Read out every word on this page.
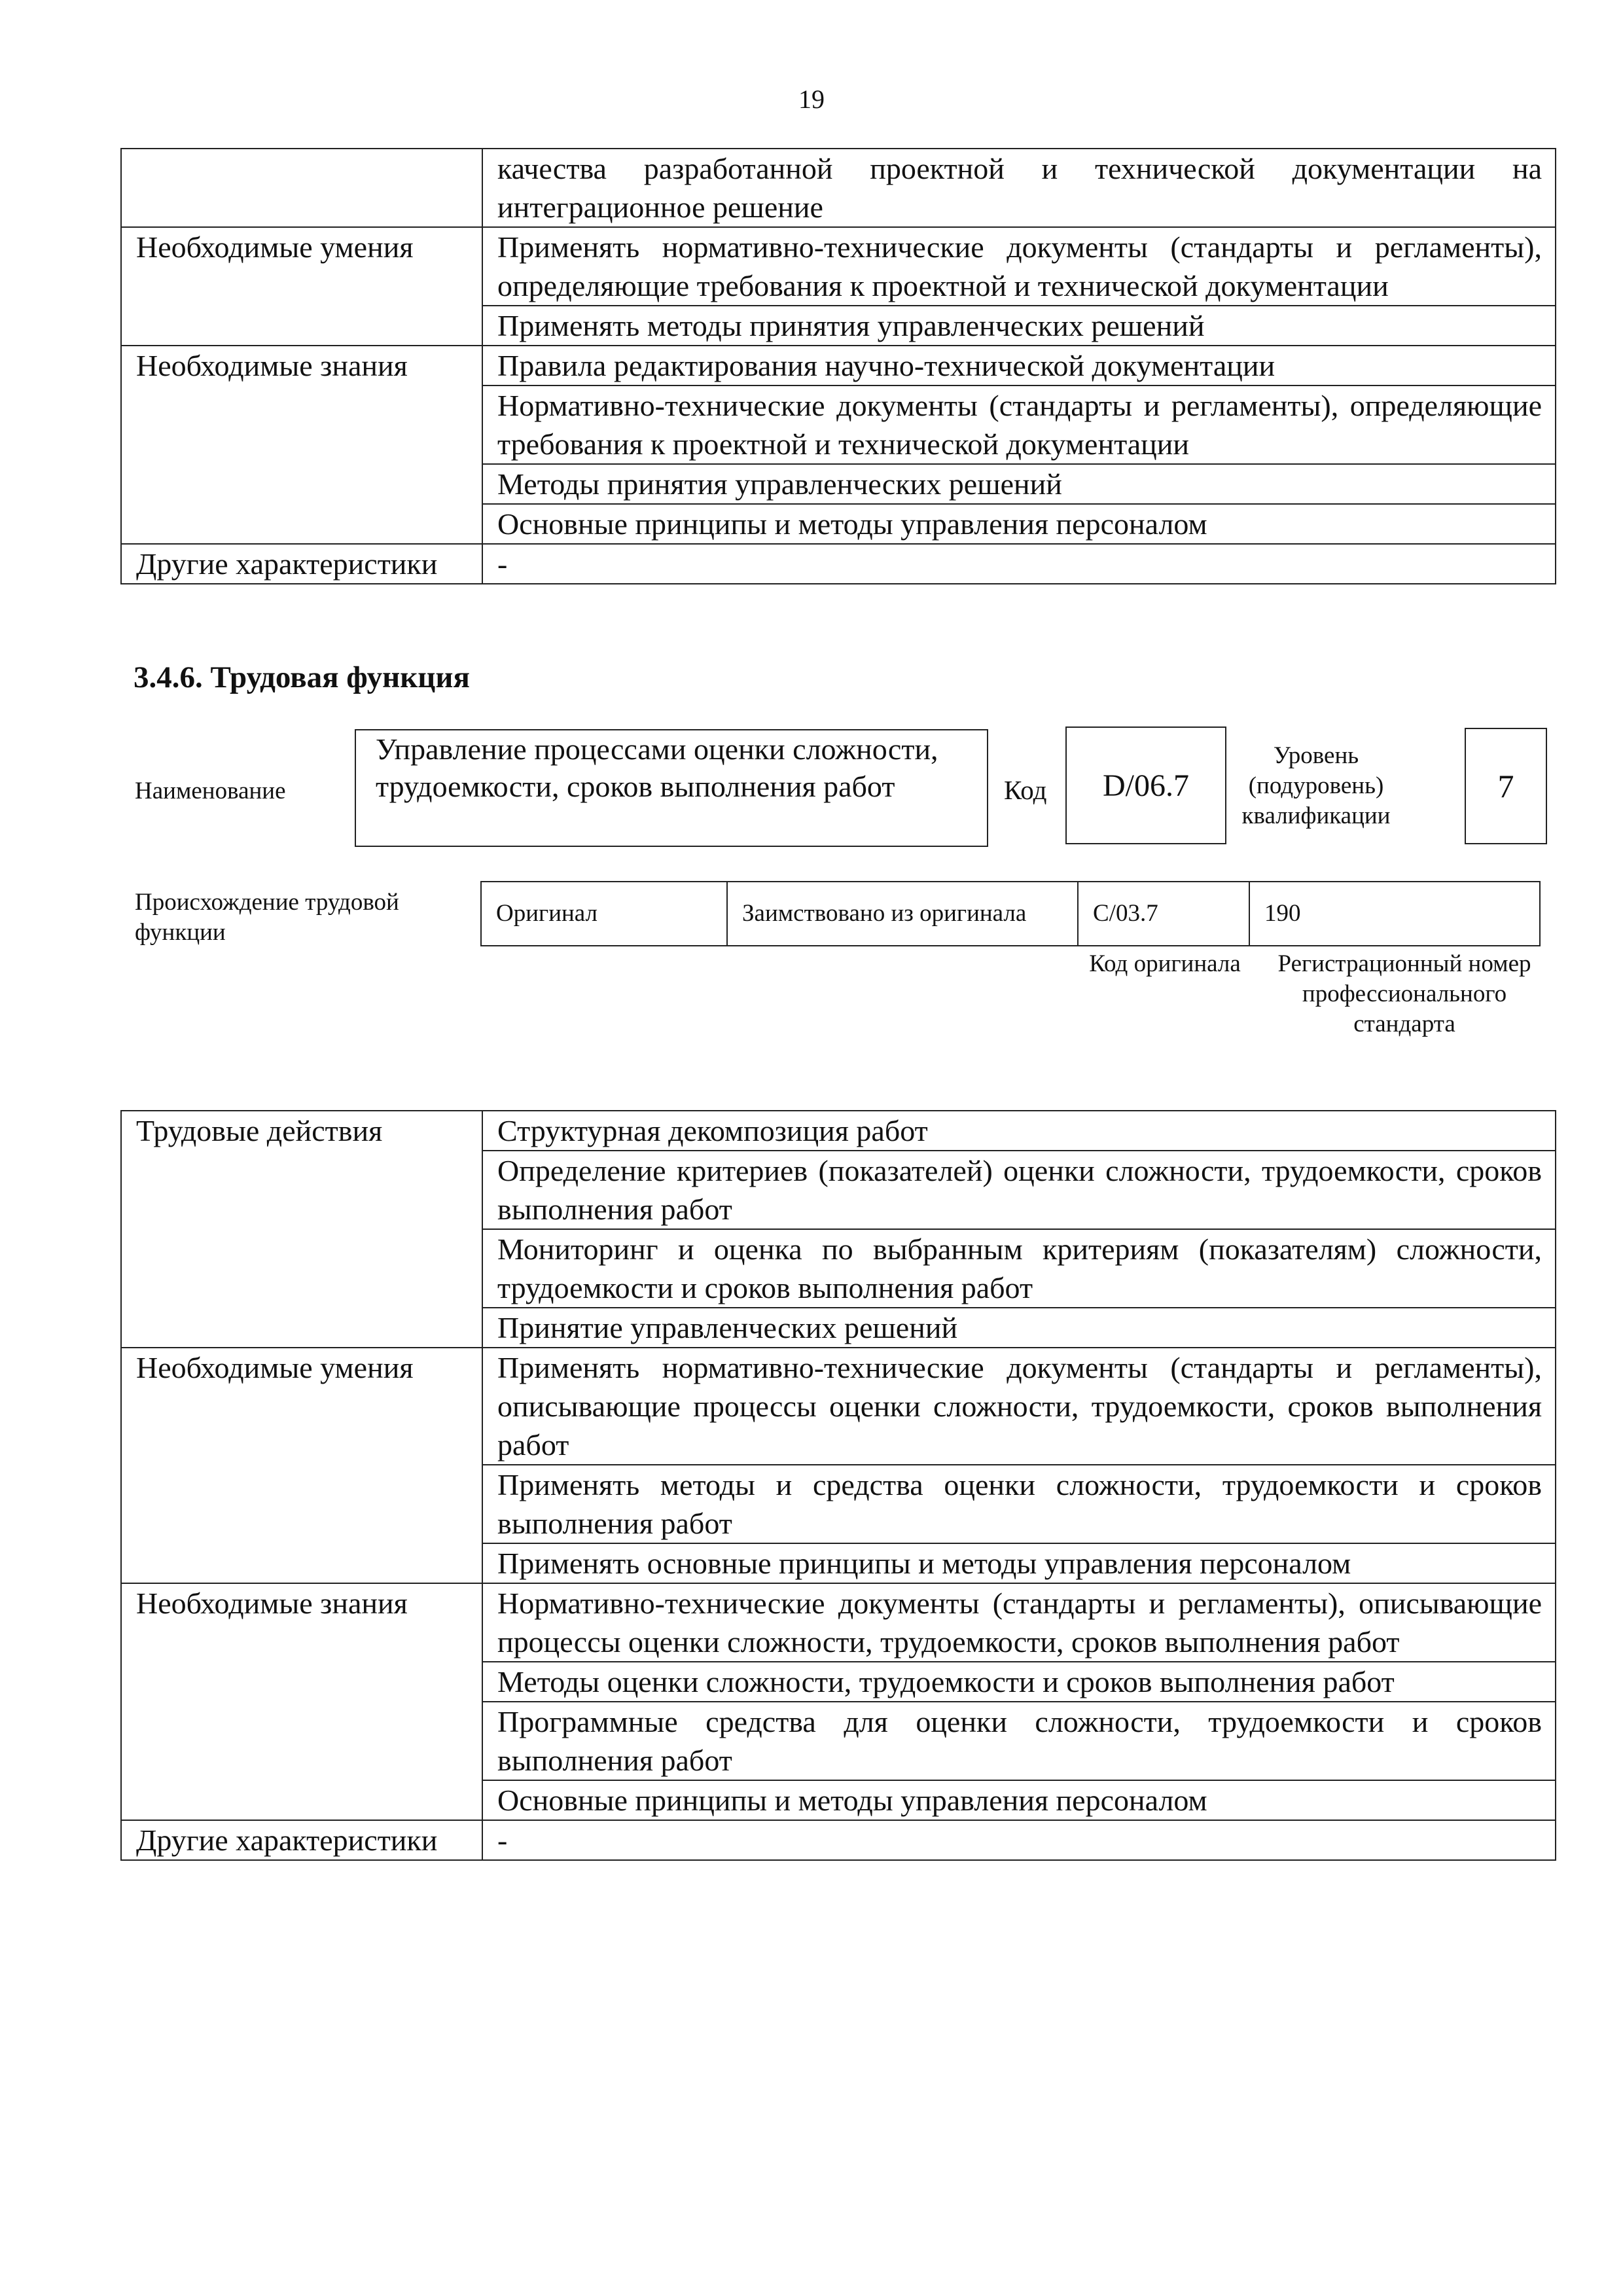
19
	качества разработанной проектной и технической документации на интеграционное решение
Необходимые умения	Применять нормативно-технические документы (стандарты и регламенты), определяющие требования к проектной и технической документации
	Применять методы принятия управленческих решений
Необходимые знания	Правила редактирования научно-технической документации
	Нормативно-технические документы (стандарты и регламенты), определяющие требования к проектной и технической документации
	Методы принятия управленческих решений
	Основные принципы и методы управления персоналом
Другие характеристики	-
3.4.6. Трудовая функция
Наименование
Управление процессами оценки сложности, трудоемкости, сроков выполнения работ	Код D/06.7
Уровень (подуровень) квалификации
7
Происхождение трудовой функции
Оригинал	Заимствовано из оригинала	C/03.7	190
Код оригинала	Регистрационный номер профессионального стандарта
Трудовые действия	Структурная декомпозиция работ
	Определение критериев (показателей) оценки сложности, трудоемкости, сроков выполнения работ
	Мониторинг и оценка по выбранным критериям (показателям) сложности, трудоемкости и сроков выполнения работ
	Принятие управленческих решений
Необходимые умения	Применять нормативно-технические документы (стандарты и регламенты), описывающие процессы оценки сложности, трудоемкости, сроков выполнения работ
	Применять методы и средства оценки сложности, трудоемкости и сроков выполнения работ
	Применять основные принципы и методы управления персоналом
Необходимые знания	Нормативно-технические документы (стандарты и регламенты), описывающие процессы оценки сложности, трудоемкости, сроков выполнения работ
	Методы оценки сложности, трудоемкости и сроков выполнения работ
	Программные средства для оценки сложности, трудоемкости и сроков выполнения работ
	Основные принципы и методы управления персоналом
Другие характеристики	-
